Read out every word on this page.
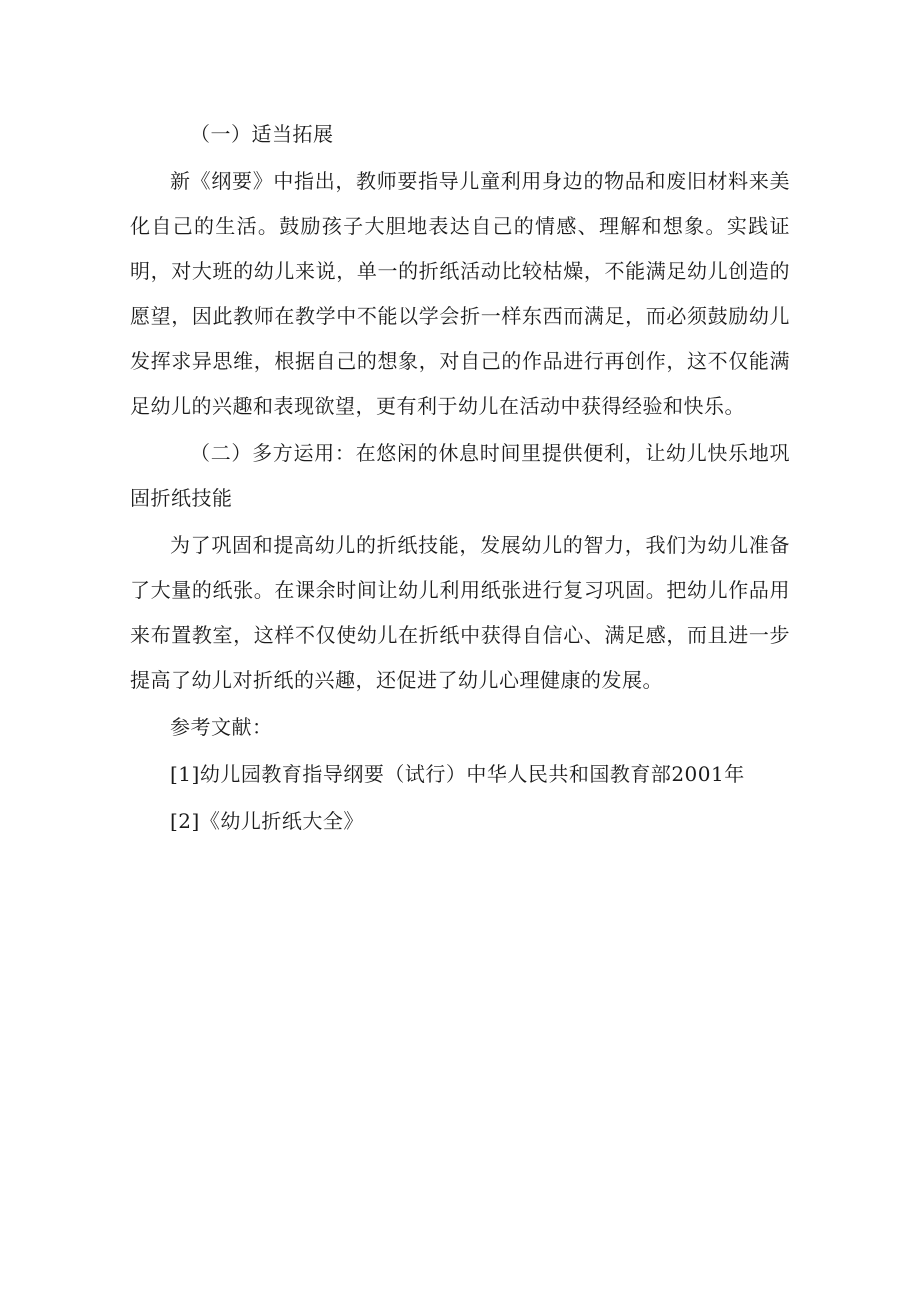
（一）适当拓展

新《纲要》中指出，教师要指导儿童利用身边的物品和废旧材料来美化自己的生活。鼓励孩子大胆地表达自己的情感、理解和想象。实践证明，对大班的幼儿来说，单一的折纸活动比较枯燥，不能满足幼儿创造的愿望，因此教师在教学中不能以学会折一样东西而满足，而必须鼓励幼儿发挥求异思维，根据自己的想象，对自己的作品进行再创作，这不仅能满足幼儿的兴趣和表现欲望，更有利于幼儿在活动中获得经验和快乐。

（二）多方运用：在悠闲的休息时间里提供便利，让幼儿快乐地巩固折纸技能

为了巩固和提高幼儿的折纸技能，发展幼儿的智力，我们为幼儿准备了大量的纸张。在课余时间让幼儿利用纸张进行复习巩固。把幼儿作品用来布置教室，这样不仅使幼儿在折纸中获得自信心、满足感，而且进一步提高了幼儿对折纸的兴趣，还促进了幼儿心理健康的发展。

参考文献：

[1]幼儿园教育指导纲要（试行）中华人民共和国教育部2001年

[2]《幼儿折纸大全》
